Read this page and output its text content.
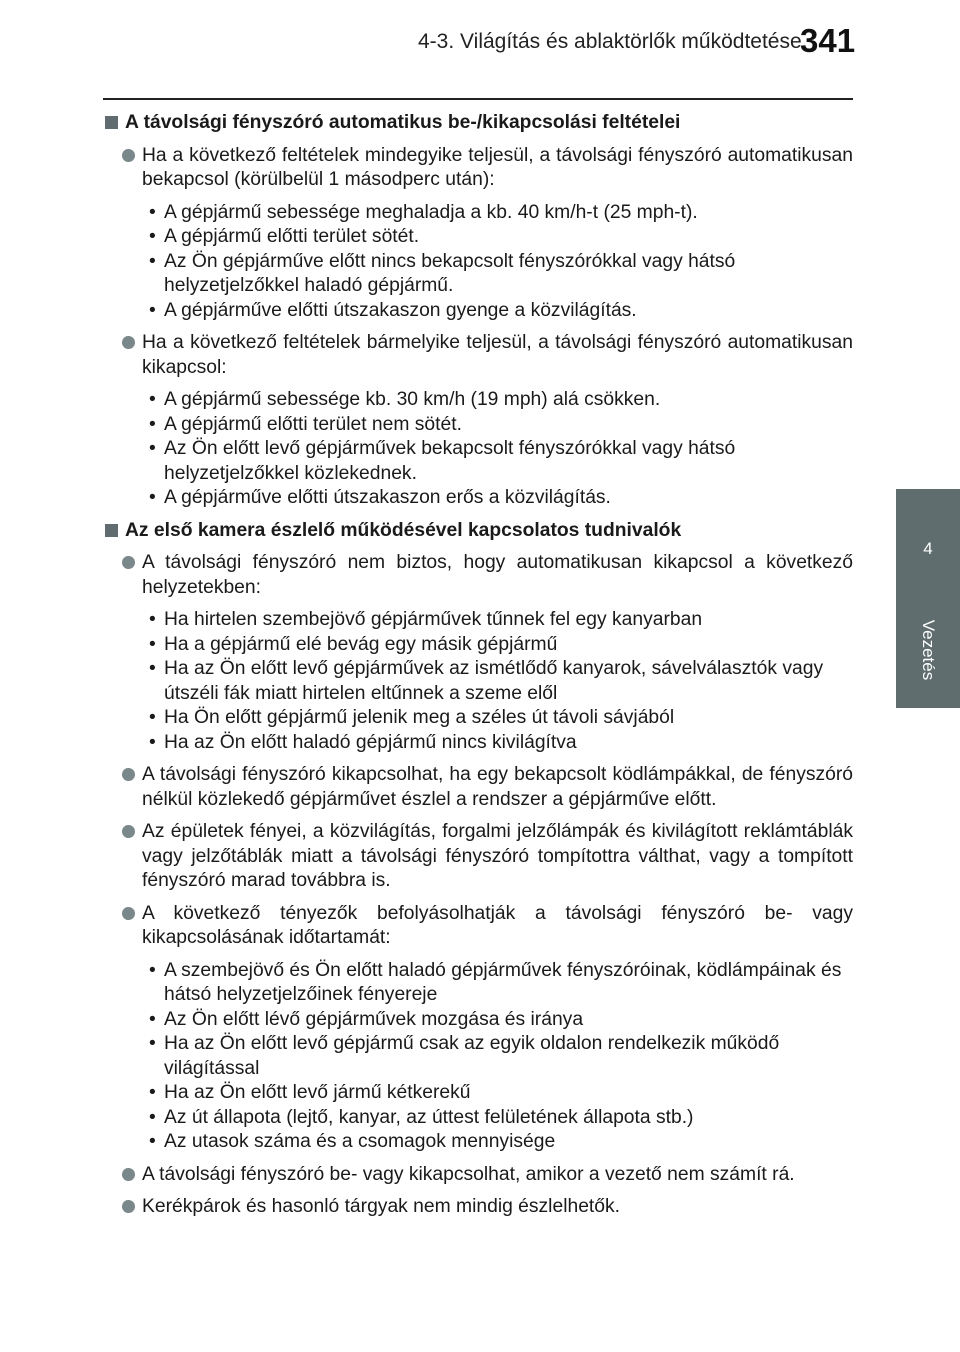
4-3. Világítás és ablaktörlők működtetése
341
4
Vezetés
A távolsági fényszóró automatikus be-/kikapcsolási feltételei
Ha a következő feltételek mindegyike teljesül, a távolsági fényszóró automatikusan bekapcsol (körülbelül 1 másodperc után):
• A gépjármű sebessége meghaladja a kb. 40 km/h-t (25 mph-t).
• A gépjármű előtti terület sötét.
• Az Ön gépjárműve előtt nincs bekapcsolt fényszórókkal vagy hátsó helyzetjelzőkkel haladó gépjármű.
• A gépjárműve előtti útszakaszon gyenge a közvilágítás.
Ha a következő feltételek bármelyike teljesül, a távolsági fényszóró automatikusan kikapcsol:
• A gépjármű sebessége kb. 30 km/h (19 mph) alá csökken.
• A gépjármű előtti terület nem sötét.
• Az Ön előtt levő gépjárművek bekapcsolt fényszórókkal vagy hátsó helyzetjelzőkkel közlekednek.
• A gépjárműve előtti útszakaszon erős a közvilágítás.
Az első kamera észlelő működésével kapcsolatos tudnivalók
A távolsági fényszóró nem biztos, hogy automatikusan kikapcsol a következő helyzetekben:
• Ha hirtelen szembejövő gépjárművek tűnnek fel egy kanyarban
• Ha a gépjármű elé bevág egy másik gépjármű
• Ha az Ön előtt levő gépjárművek az ismétlődő kanyarok, sávelválasztók vagy útszéli fák miatt hirtelen eltűnnek a szeme elől
• Ha Ön előtt gépjármű jelenik meg a széles út távoli sávjából
• Ha az Ön előtt haladó gépjármű nincs kivilágítva
A távolsági fényszóró kikapcsolhat, ha egy bekapcsolt ködlámpákkal, de fényszóró nélkül közlekedő gépjárművet észlel a rendszer a gépjárműve előtt.
Az épületek fényei, a közvilágítás, forgalmi jelzőlámpák és kivilágított reklámtáblák vagy jelzőtáblák miatt a távolsági fényszóró tompítottra válthat, vagy a tompított fényszóró marad továbbra is.
A következő tényezők befolyásolhatják a távolsági fényszóró be- vagy kikapcsolásának időtartamát:
• A szembejövő és Ön előtt haladó gépjárművek fényszóróinak, ködlámpáinak és hátsó helyzetjelzőinek fényereje
• Az Ön előtt lévő gépjárművek mozgása és iránya
• Ha az Ön előtt levő gépjármű csak az egyik oldalon rendelkezik működő világítással
• Ha az Ön előtt levő jármű kétkerekű
• Az út állapota (lejtő, kanyar, az úttest felületének állapota stb.)
• Az utasok száma és a csomagok mennyisége
A távolsági fényszóró be- vagy kikapcsolhat, amikor a vezető nem számít rá.
Kerékpárok és hasonló tárgyak nem mindig észlelhetők.
